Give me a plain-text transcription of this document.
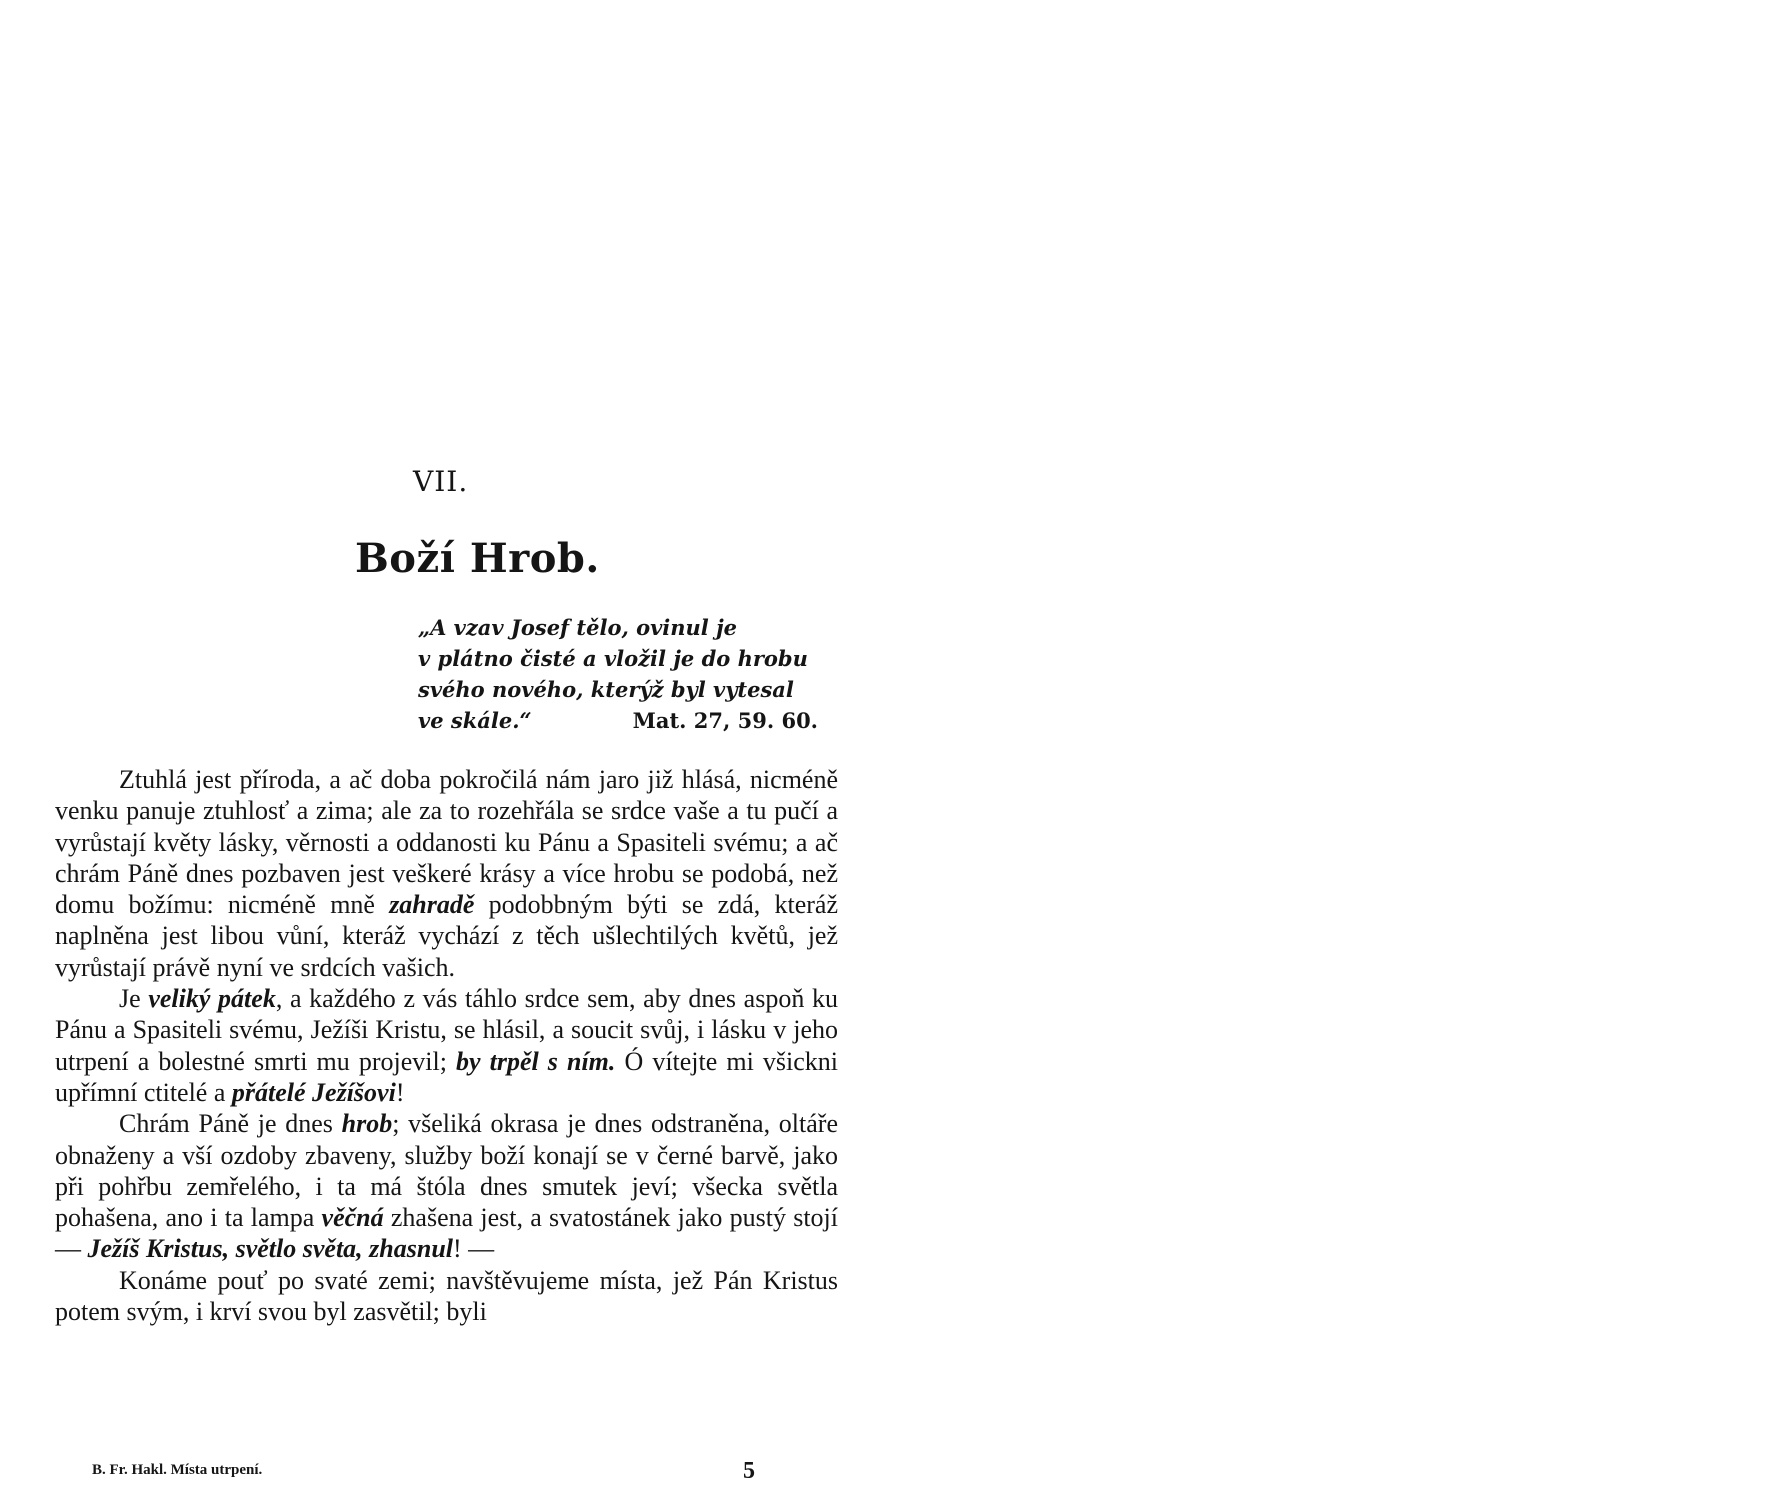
VII.
Boží Hrob.
„A vzav Josef tělo, ovinul je
v plátno čisté a vložil je do hrobu
svého nového, kterýž byl vytesal
ve skále.“	Mat. 27, 59. 60.

Ztuhlá jest příroda, a ač doba pokročilá nám jaro již hlásá, nicméně venku panuje ztuhlosť a zima; ale za to rozehřála se srdce vaše a tu pučí a vyrůstají květy lásky, věrnosti a oddanosti ku Pánu a Spasiteli svému; a ač chrám Páně dnes pozbaven jest veškeré krásy a více hrobu se podobá, než domu božímu: nicméně mně zahradě podobbným býti se zdá, kteráž naplněna jest libou vůní, kteráž vychází z těch ušlechtilých květů, jež vyrůstají právě nyní ve srdcích vašich.

Je veliký pátek, a každého z vás táhlo srdce sem, aby dnes aspoň ku Pánu a Spasiteli svému, Ježíši Kristu, se hlásil, a soucit svůj, i lásku v jeho utrpení a bolestné smrti mu projevil; by trpěl s ním. Ó vítejte mi všickni upřímní ctitelé a přátelé Ježíšovi!

Chrám Páně je dnes hrob; všeliká okrasa je dnes odstraněna, oltáře obnaženy a vší ozdoby zbaveny, služby boží konají se v černé barvě, jako při pohřbu zemřelého, i ta má štóla dnes smutek jeví; všecka světla pohašena, ano i ta lampa věčná zhašena jest, a svatostánek jako pustý stojí — Ježíš Kristus, světlo světa, zhasnul! —

Konáme pouť po svaté zemi; navštěvujeme místa, jež Pán Kristus potem svým, i krví svou byl zasvětil; byli

B. Fr. Hakl. Místa utrpení.	5
